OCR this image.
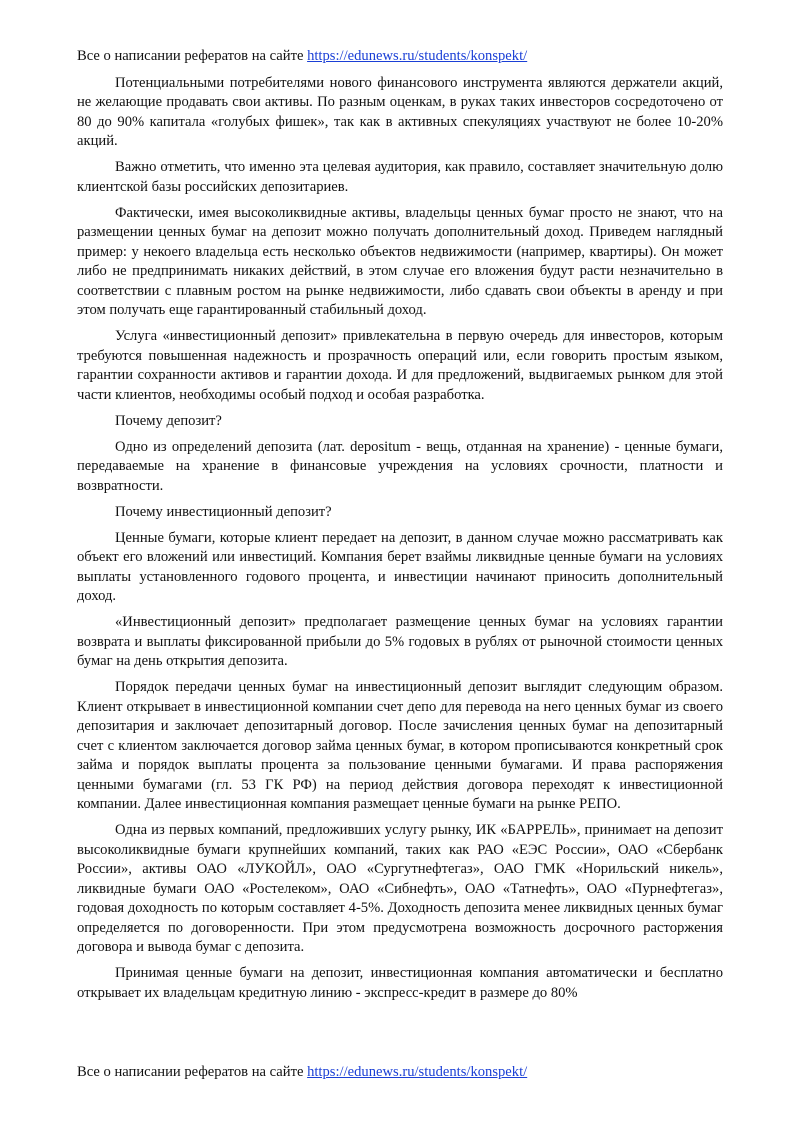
Все о написании рефератов на сайте https://edunews.ru/students/konspekt/

Потенциальными потребителями нового финансового инструмента являются держатели акций, не желающие продавать свои активы. По разным оценкам, в руках таких инвесторов сосредоточено от 80 до 90% капитала «голубых фишек», так как в активных спекуляциях участвуют не более 10-20% акций.

Важно отметить, что именно эта целевая аудитория, как правило, составляет значительную долю клиентской базы российских депозитариев.

Фактически, имея высоколиквидные активы, владельцы ценных бумаг просто не знают, что на размещении ценных бумаг на депозит можно получать дополнительный доход. Приведем наглядный пример: у некоего владельца есть несколько объектов недвижимости (например, квартиры). Он может либо не предпринимать никаких действий, в этом случае его вложения будут расти незначительно в соответствии с плавным ростом на рынке недвижимости, либо сдавать свои объекты в аренду и при этом получать еще гарантированный стабильный доход.

Услуга «инвестиционный депозит» привлекательна в первую очередь для инвесторов, которым требуются повышенная надежность и прозрачность операций или, если говорить простым языком, гарантии сохранности активов и гарантии дохода. И для предложений, выдвигаемых рынком для этой части клиентов, необходимы особый подход и особая разработка.

Почему депозит?

Одно из определений депозита (лат. depositum - вещь, отданная на хранение) - ценные бумаги, передаваемые на хранение в финансовые учреждения на условиях срочности, платности и возвратности.

Почему инвестиционный депозит?

Ценные бумаги, которые клиент передает на депозит, в данном случае можно рассматривать как объект его вложений или инвестиций. Компания берет взаймы ликвидные ценные бумаги на условиях выплаты установленного годового процента, и инвестиции начинают приносить дополнительный доход.

«Инвестиционный депозит» предполагает размещение ценных бумаг на условиях гарантии возврата и выплаты фиксированной прибыли до 5% годовых в рублях от рыночной стоимости ценных бумаг на день открытия депозита.

Порядок передачи ценных бумаг на инвестиционный депозит выглядит следующим образом. Клиент открывает в инвестиционной компании счет депо для перевода на него ценных бумаг из своего депозитария и заключает депозитарный договор. После зачисления ценных бумаг на депозитарный счет с клиентом заключается договор займа ценных бумаг, в котором прописываются конкретный срок займа и порядок выплаты процента за пользование ценными бумагами. И права распоряжения ценными бумагами (гл. 53 ГК РФ) на период действия договора переходят к инвестиционной компании. Далее инвестиционная компания размещает ценные бумаги на рынке РЕПО.

Одна из первых компаний, предложивших услугу рынку, ИК «БАРРЕЛЬ», принимает на депозит высоколиквидные бумаги крупнейших компаний, таких как РАО «ЕЭС России», ОАО «Сбербанк России», активы ОАО «ЛУКОЙЛ», ОАО «Сургутнефтегаз», ОАО ГМК «Норильский никель», ликвидные бумаги ОАО «Ростелеком», ОАО «Сибнефть», ОАО «Татнефть», ОАО «Пурнефтегаз», годовая доходность по которым составляет 4-5%. Доходность депозита менее ликвидных ценных бумаг определяется по договоренности. При этом предусмотрена возможность досрочного расторжения договора и вывода бумаг с депозита.

Принимая ценные бумаги на депозит, инвестиционная компания автоматически и бесплатно открывает их владельцам кредитную линию - экспресс-кредит в размере до 80%

Все о написании рефератов на сайте https://edunews.ru/students/konspekt/
